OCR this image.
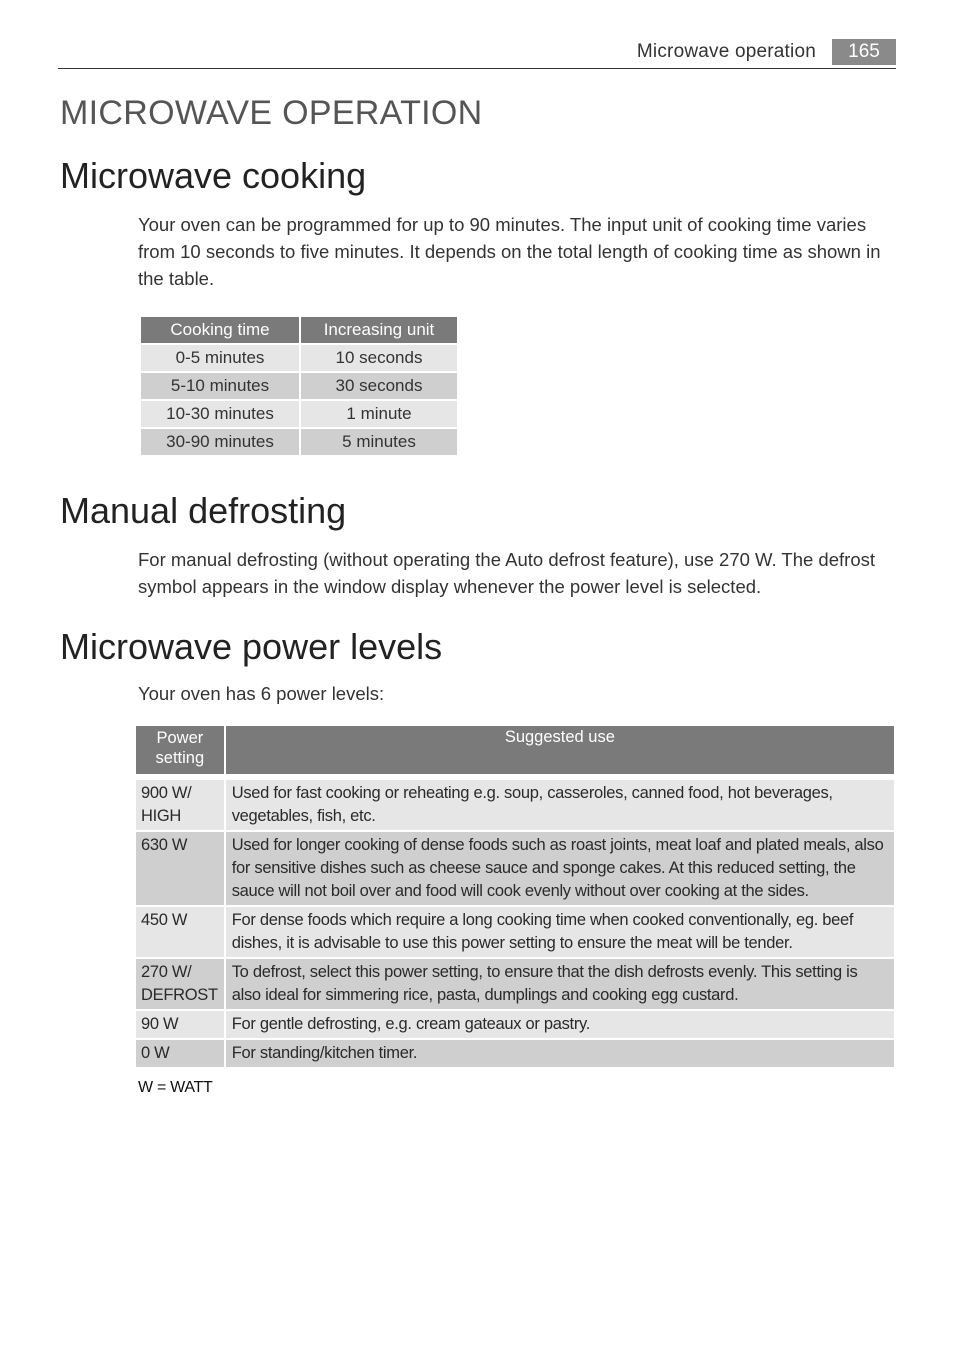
Microwave operation	165
MICROWAVE OPERATION
Microwave cooking

Your oven can be programmed for up to 90 minutes. The input unit of cooking time varies from 10 seconds to five minutes. It depends on the total length of cooking time as shown in the table.

Cooking time	Increasing unit
0-5 minutes	10 seconds
5-10 minutes	30 seconds
10-30 minutes	1 minute
30-90 minutes	5 minutes
Manual defrosting

For manual defrosting (without operating the Auto defrost feature), use 270 W. The defrost symbol appears in the window display whenever the power level is selected.

Microwave power levels

Your oven has 6 power levels:

Power setting	Suggested use

900 W/ HIGH	Used for fast cooking or reheating e.g. soup, casseroles, canned food, hot beverages, vegetables, fish, etc.
630 W	Used for longer cooking of dense foods such as roast joints, meat loaf and plated meals, also for sensitive dishes such as cheese sauce and sponge cakes. At this reduced setting, the sauce will not boil over and food will cook evenly without over cooking at the sides.
450 W	For dense foods which require a long cooking time when cooked conventionally, eg. beef dishes, it is advisable to use this power setting to ensure the meat will be tender.
270 W/ DEFROST	To defrost, select this power setting, to ensure that the dish defrosts evenly. This setting is also ideal for simmering rice, pasta, dumplings and cooking egg custard.
90 W	For gentle defrosting, e.g. cream gateaux or pastry.
0 W	For standing/kitchen timer.
W = WATT
